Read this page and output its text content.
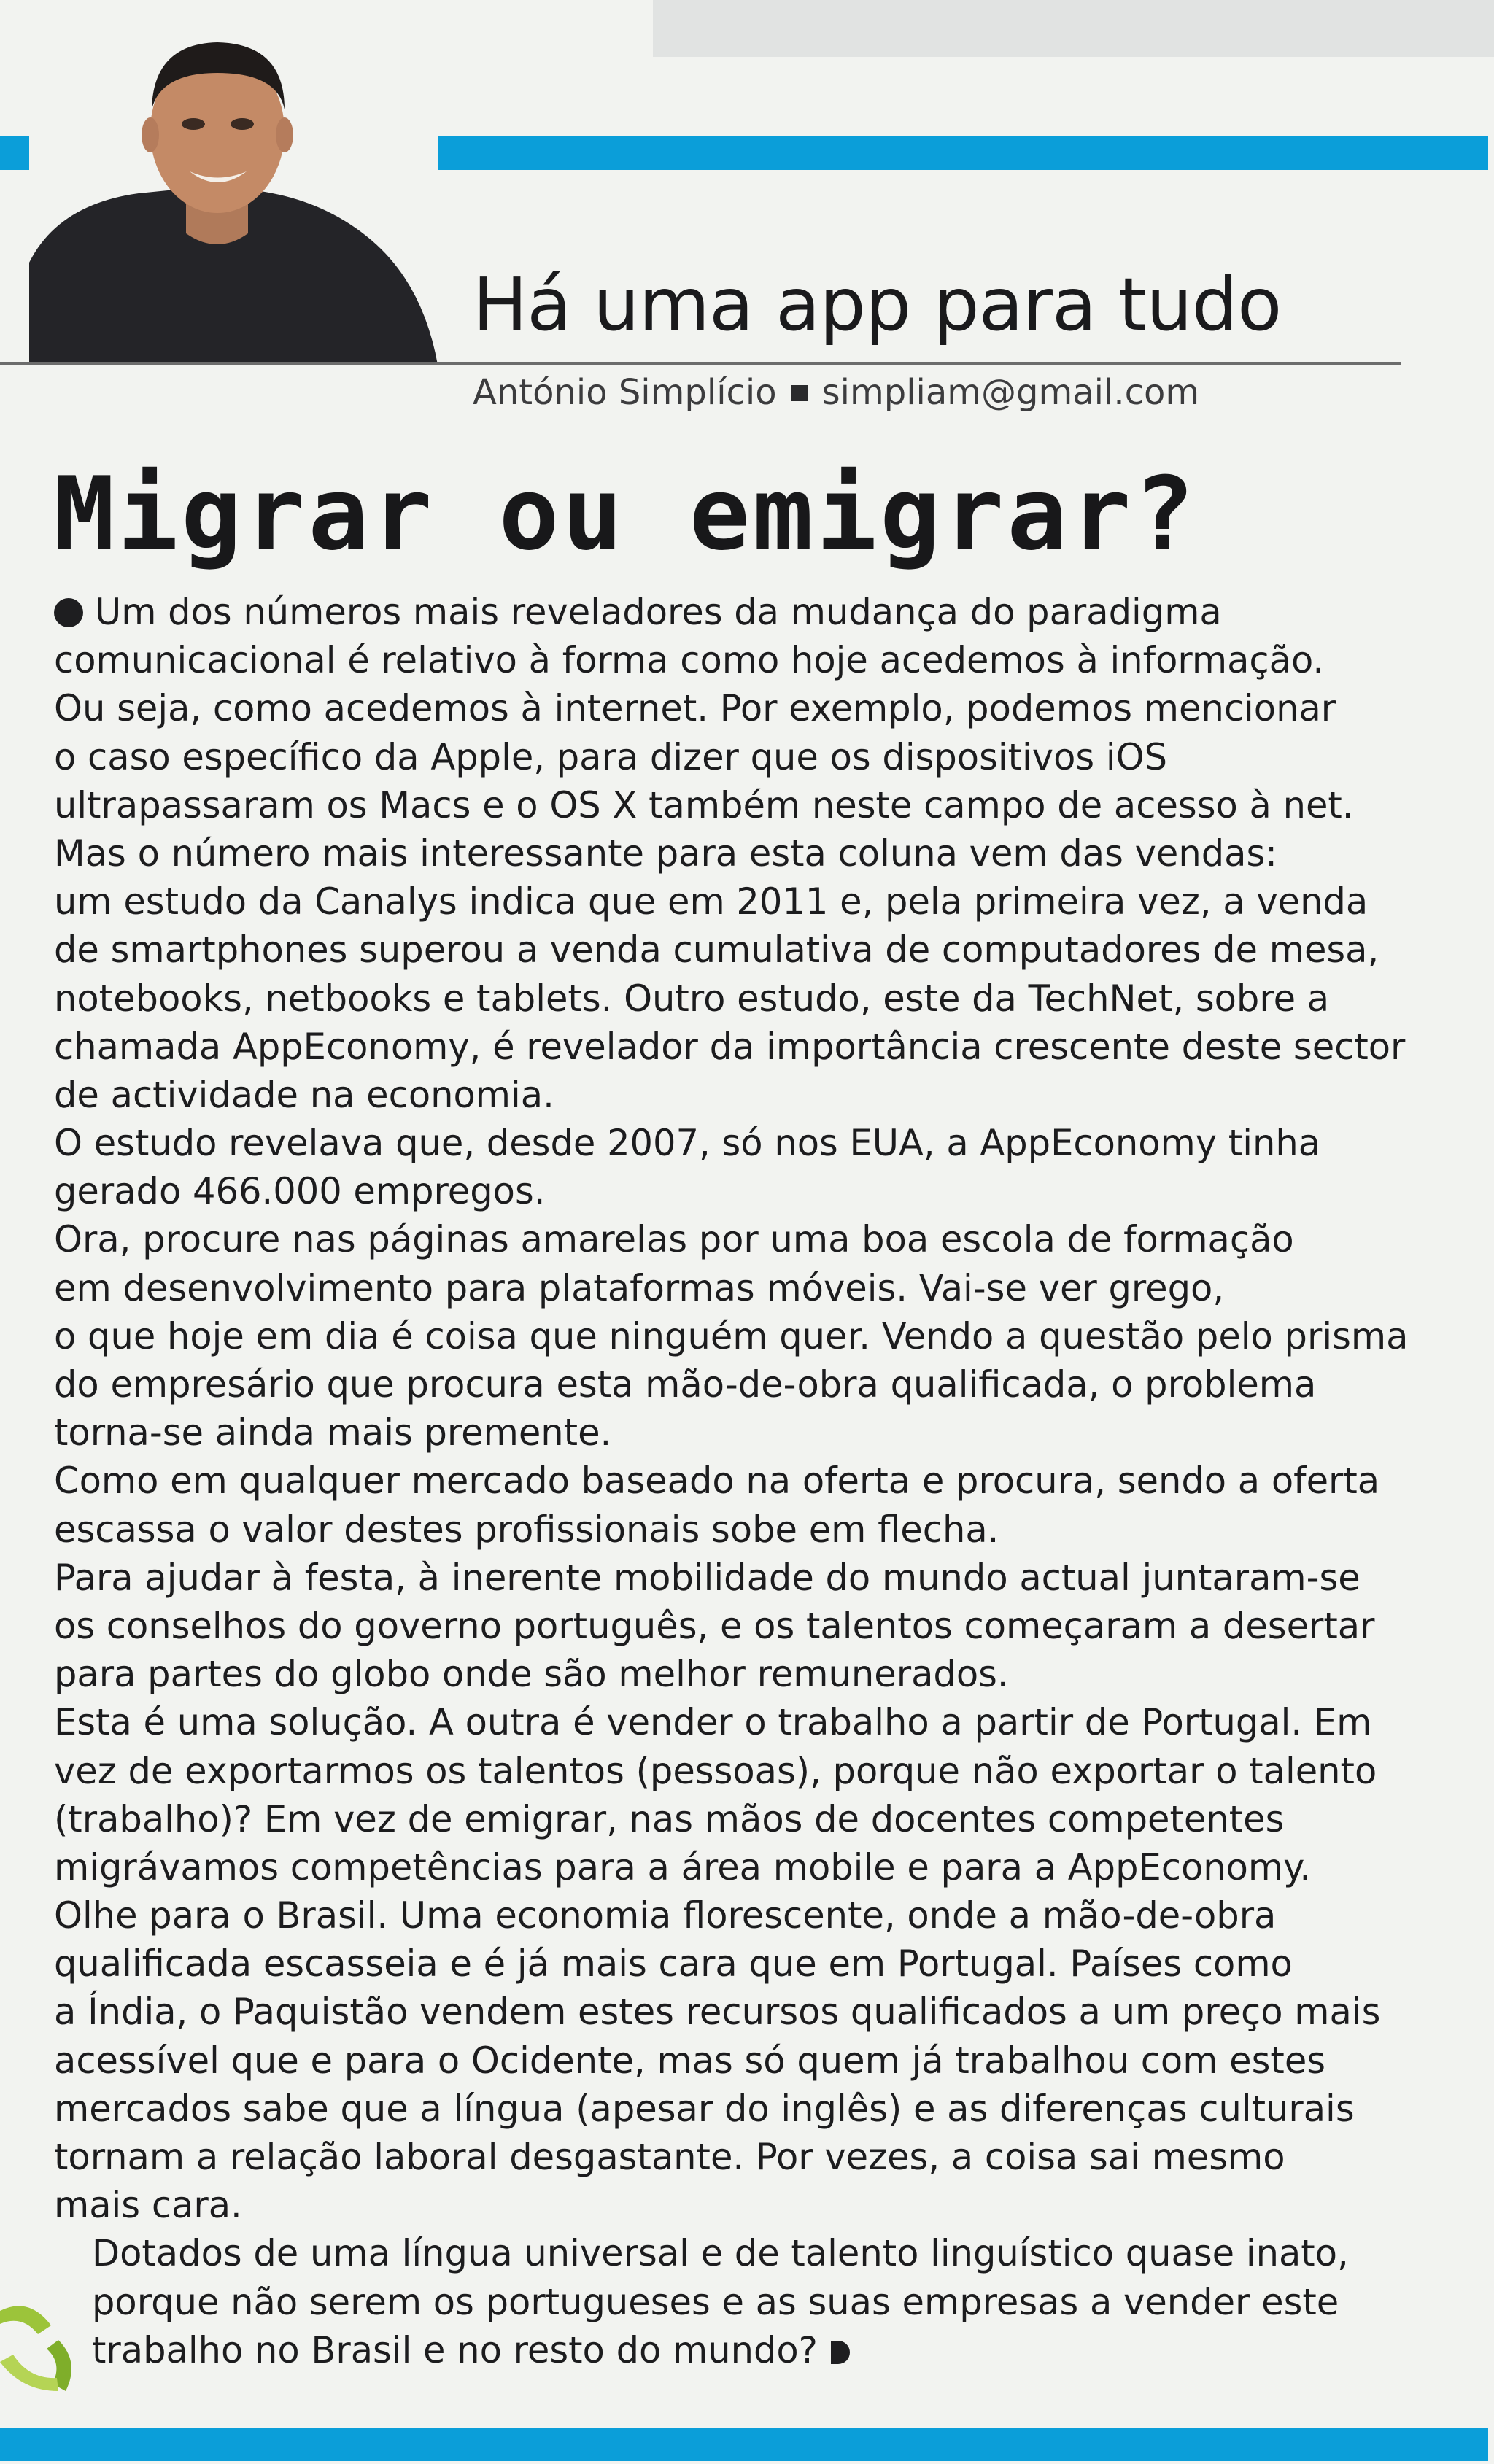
Há uma app para tudo
António Simplício simpliam@gmail.com
Migrar ou emigrar?
Um dos números mais reveladores da mudança do paradigma
comunicacional é relativo à forma como hoje acedemos à informação.
Ou seja, como acedemos à internet. Por exemplo, podemos mencionar
o caso específico da Apple, para dizer que os dispositivos iOS
ultrapassaram os Macs e o OS X também neste campo de acesso à net.
Mas o número mais interessante para esta coluna vem das vendas:
um estudo da Canalys indica que em 2011 e, pela primeira vez, a venda
de smartphones superou a venda cumulativa de computadores de mesa,
notebooks, netbooks e tablets. Outro estudo, este da TechNet, sobre a
chamada AppEconomy, é revelador da importância crescente deste sector
de actividade na economia.
O estudo revelava que, desde 2007, só nos EUA, a AppEconomy tinha
gerado 466.000 empregos.
Ora, procure nas páginas amarelas por uma boa escola de formação
em desenvolvimento para plataformas móveis. Vai-se ver grego,
o que hoje em dia é coisa que ninguém quer. Vendo a questão pelo prisma
do empresário que procura esta mão-de-obra qualificada, o problema
torna-se ainda mais premente.
Como em qualquer mercado baseado na oferta e procura, sendo a oferta
escassa o valor destes profissionais sobe em flecha.
Para ajudar à festa, à inerente mobilidade do mundo actual juntaram-se
os conselhos do governo português, e os talentos começaram a desertar
para partes do globo onde são melhor remunerados.
Esta é uma solução. A outra é vender o trabalho a partir de Portugal. Em
vez de exportarmos os talentos (pessoas), porque não exportar o talento
(trabalho)? Em vez de emigrar, nas mãos de docentes competentes
migrávamos competências para a área mobile e para a AppEconomy.
Olhe para o Brasil. Uma economia florescente, onde a mão-de-obra
qualificada escasseia e é já mais cara que em Portugal. Países como
a Índia, o Paquistão vendem estes recursos qualificados a um preço mais
acessível que e para o Ocidente, mas só quem já trabalhou com estes
mercados sabe que a língua (apesar do inglês) e as diferenças culturais
tornam a relação laboral desgastante. Por vezes, a coisa sai mesmo
mais cara.
Dotados de uma língua universal e de talento linguístico quase inato,
porque não serem os portugueses e as suas empresas a vender este
trabalho no Brasil e no resto do mundo?
